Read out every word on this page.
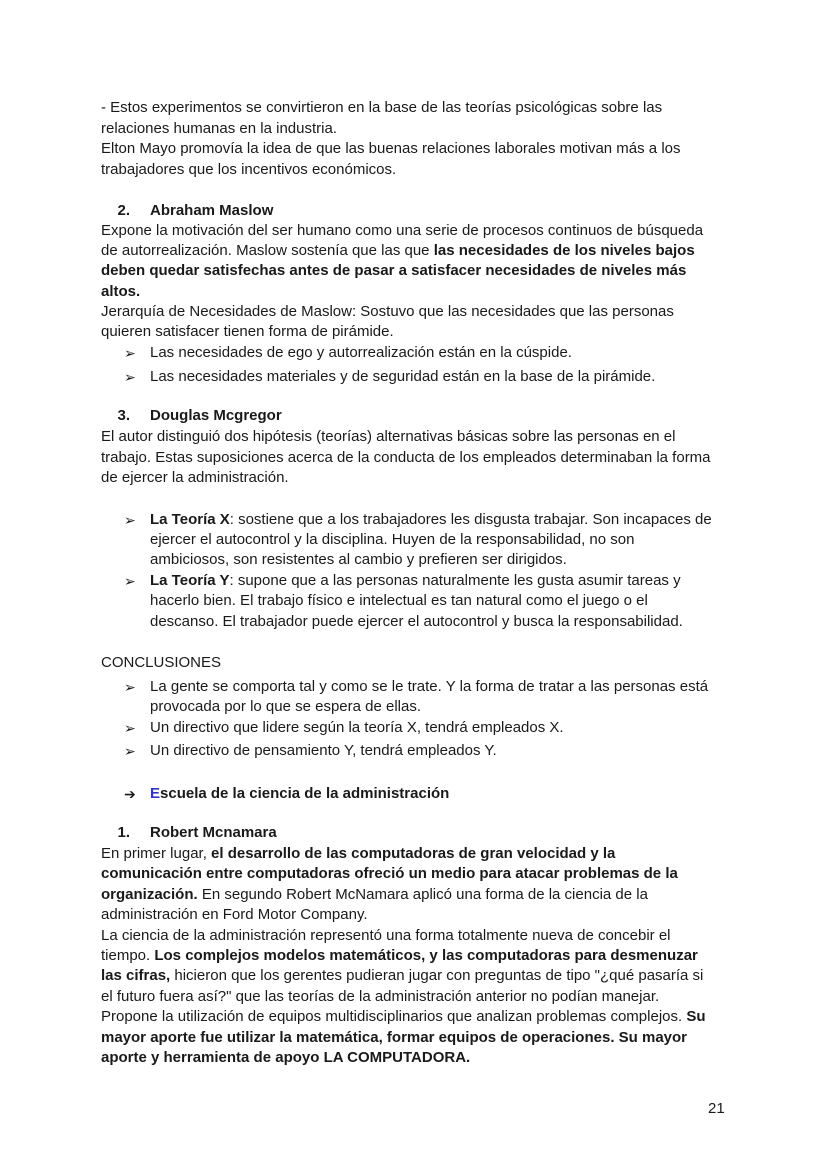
- Estos experimentos se convirtieron en la base de las teorías psicológicas sobre las
relaciones humanas en la industria.
Elton Mayo promovía la idea de que las buenas relaciones laborales motivan más a los
trabajadores que los incentivos económicos.
2. Abraham Maslow
Expone la motivación del ser humano como una serie de procesos continuos de búsqueda
de autorrealización. Maslow sostenía que las que las necesidades de los niveles bajos
deben quedar satisfechas antes de pasar a satisfacer necesidades de niveles más
altos.
Jerarquía de Necesidades de Maslow: Sostuvo que las necesidades que las personas
quieren satisfacer tienen forma de pirámide.
➢ Las necesidades de ego y autorrealización están en la cúspide.
➢ Las necesidades materiales y de seguridad están en la base de la pirámide.
3. Douglas Mcgregor
El autor distinguió dos hipótesis (teorías) alternativas básicas sobre las personas en el
trabajo. Estas suposiciones acerca de la conducta de los empleados determinaban la forma
de ejercer la administración.
➢ La Teoría X: sostiene que a los trabajadores les disgusta trabajar. Son incapaces de
ejercer el autocontrol y la disciplina. Huyen de la responsabilidad, no son
ambiciosos, son resistentes al cambio y prefieren ser dirigidos.
➢ La Teoría Y: supone que a las personas naturalmente les gusta asumir tareas y
hacerlo bien. El trabajo físico e intelectual es tan natural como el juego o el
descanso. El trabajador puede ejercer el autocontrol y busca la responsabilidad.
CONCLUSIONES
➢ La gente se comporta tal y como se le trate. Y la forma de tratar a las personas está
provocada por lo que se espera de ellas.
➢ Un directivo que lidere según la teoría X, tendrá empleados X.
➢ Un directivo de pensamiento Y, tendrá empleados Y.
➔ Escuela de la ciencia de la administración
1. Robert Mcnamara
En primer lugar, el desarrollo de las computadoras de gran velocidad y la
comunicación entre computadoras ofreció un medio para atacar problemas de la
organización. En segundo Robert McNamara aplicó una forma de la ciencia de la
administración en Ford Motor Company.
La ciencia de la administración representó una forma totalmente nueva de concebir el
tiempo. Los complejos modelos matemáticos, y las computadoras para desmenuzar
las cifras, hicieron que los gerentes pudieran jugar con preguntas de tipo "¿qué pasaría si
el futuro fuera así?" que las teorías de la administración anterior no podían manejar.
Propone la utilización de equipos multidisciplinarios que analizan problemas complejos. Su
mayor aporte fue utilizar la matemática, formar equipos de operaciones. Su mayor
aporte y herramienta de apoyo LA COMPUTADORA.
21
